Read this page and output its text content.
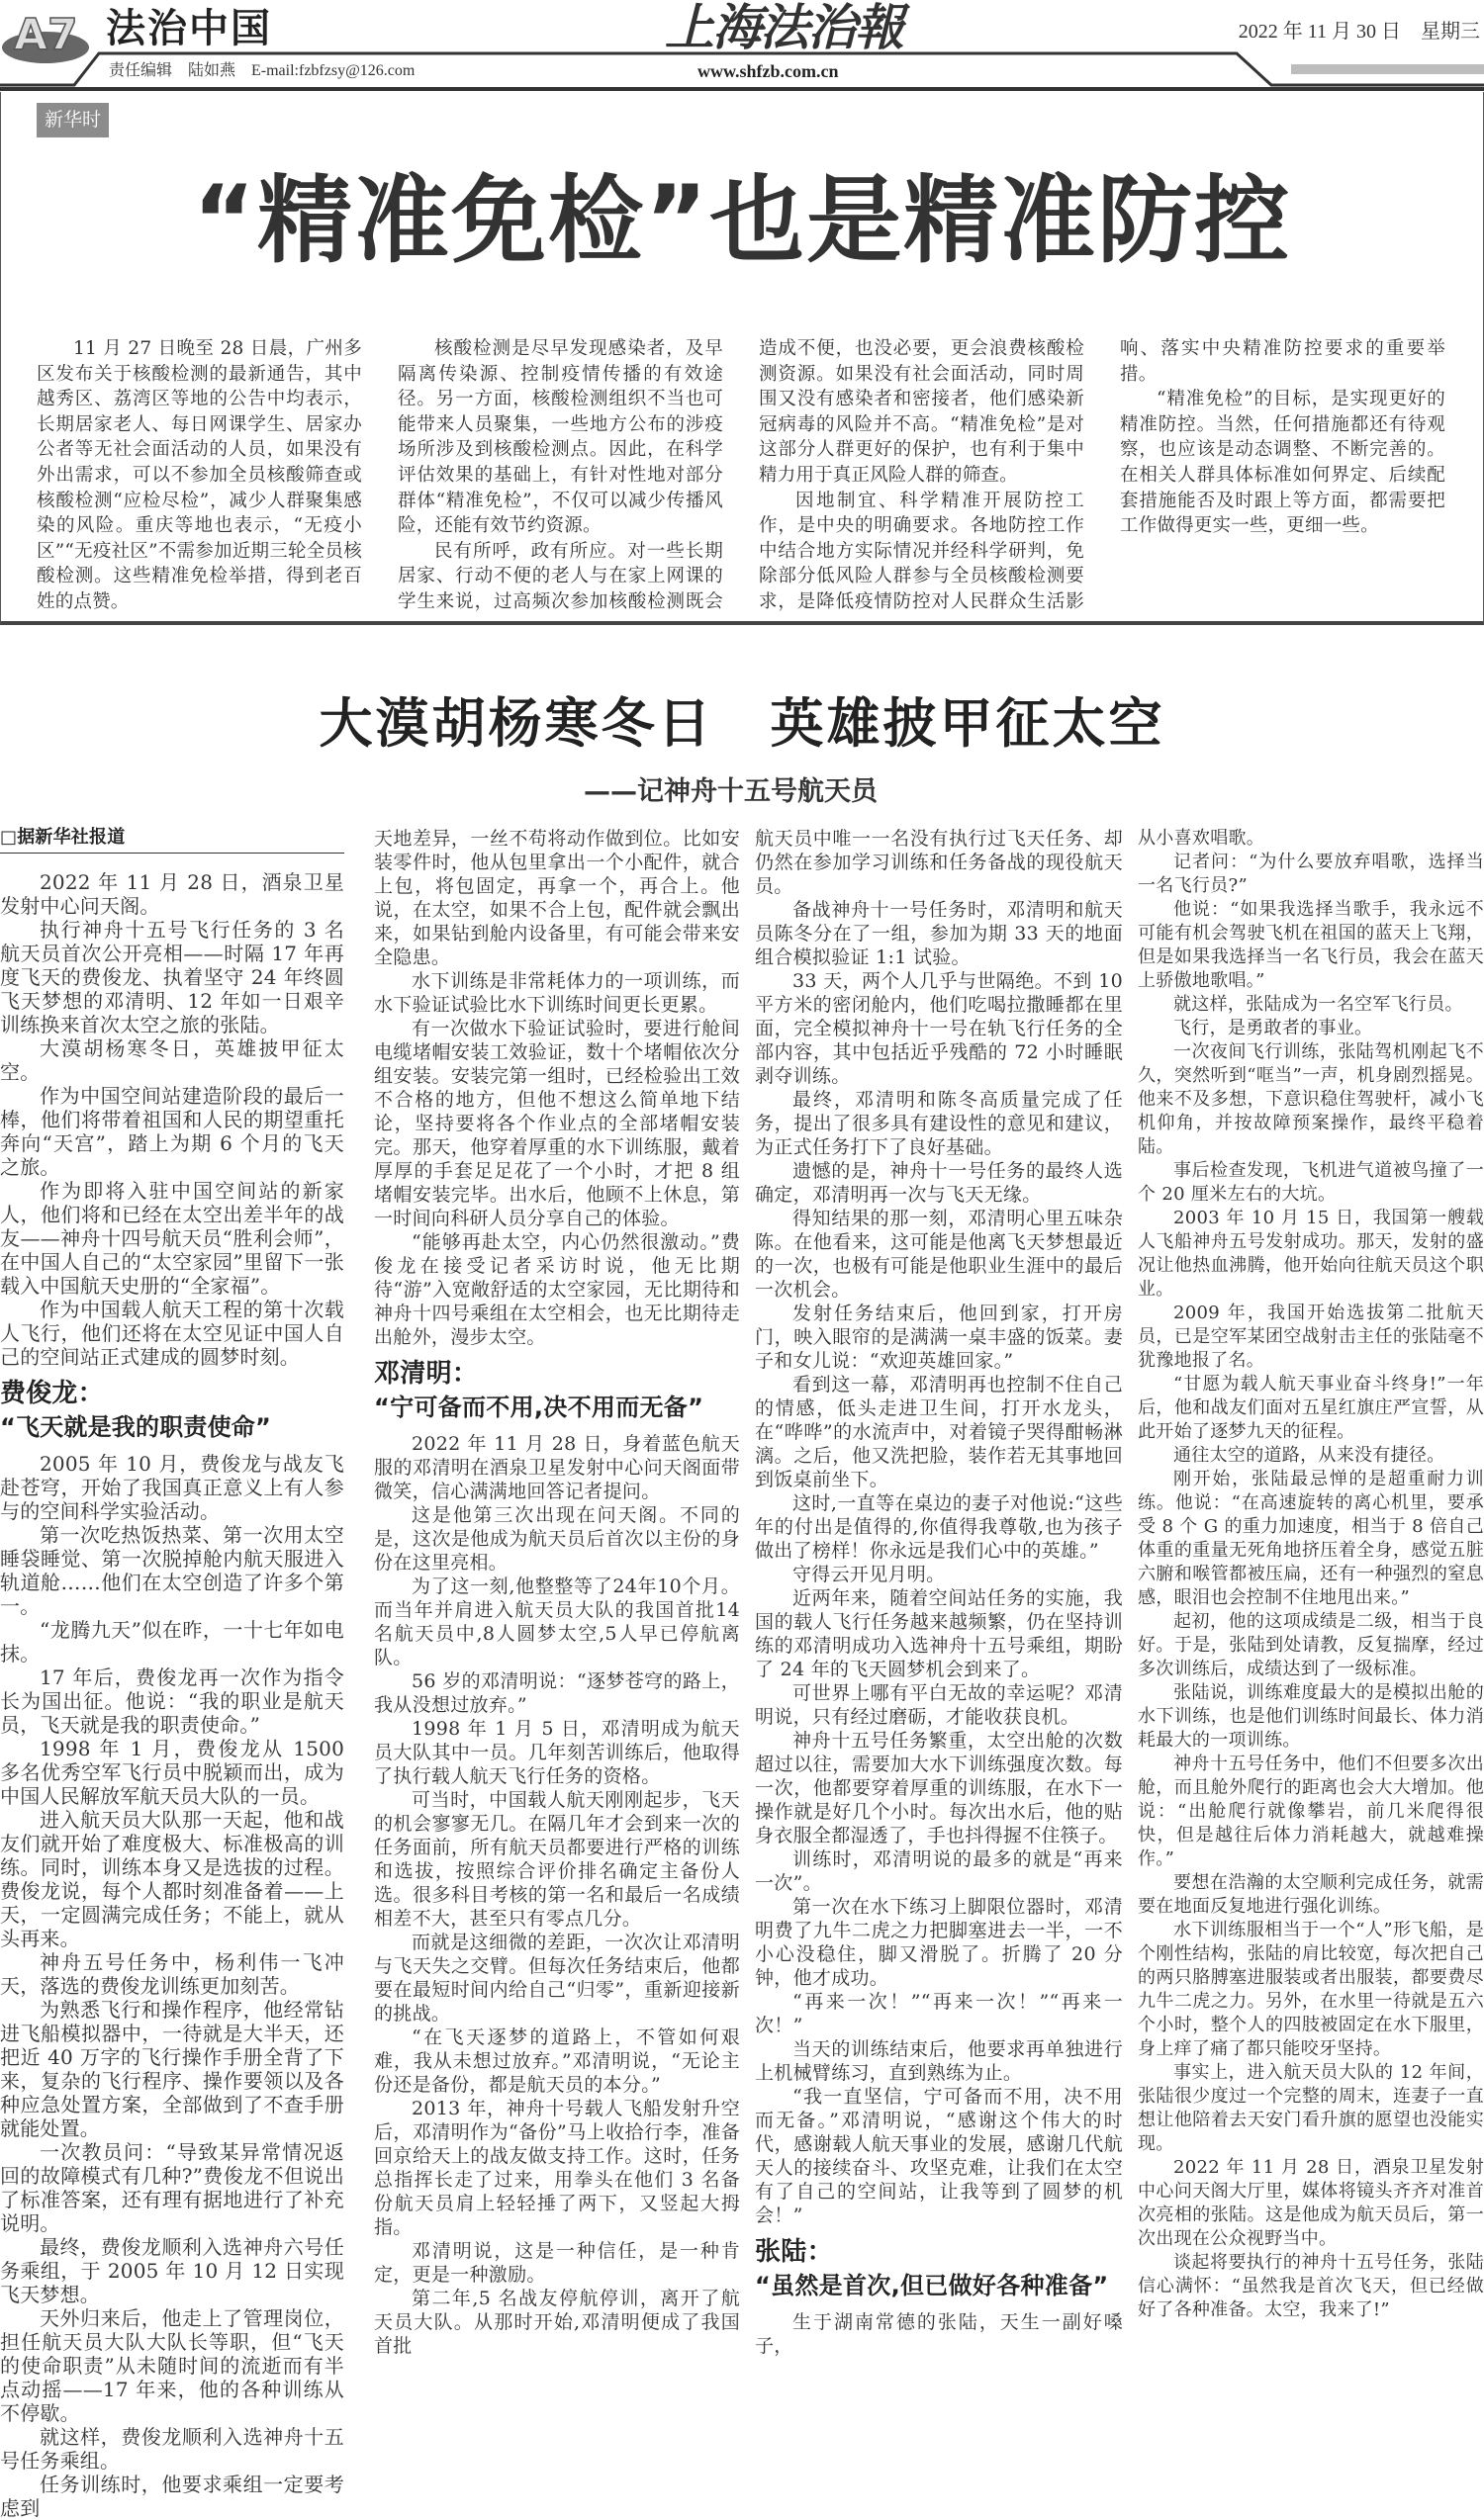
A7 法治中国	上海法治報	2022 年 11 月 30 日　星期三
责任编辑　陆如燕　E-mail:fzbfzsy@126.com	www.shfzb.com.cn
新华时评
“精准免检”也是精准防控

11 月 27 日晚至 28 日晨，广州多区发布关于核酸检测的最新通告，其中越秀区、荔湾区等地的公告中均表示，长期居家老人、每日网课学生、居家办公者等无社会面活动的人员，如果没有外出需求，可以不参加全员核酸筛查或核酸检测“应检尽检”，减少人群聚集感染的风险。重庆等地也表示，“无疫小区”“无疫社区”不需参加近期三轮全员核酸检测。这些精准免检举措，得到老百姓的点赞。

核酸检测是尽早发现感染者，及早隔离传染源、控制疫情传播的有效途径。另一方面，核酸检测组织不当也可能带来人员聚集，一些地方公布的涉疫场所涉及到核酸检测点。因此，在科学评估效果的基础上，有针对性地对部分群体“精准免检”，不仅可以减少传播风险，还能有效节约资源。

民有所呼，政有所应。对一些长期居家、行动不便的老人与在家上网课的学生来说，过高频次参加核酸检测既会造成不便，也没必要，更会浪费核酸检测资源。如果没有社会面活动，同时周围又没有感染者和密接者，他们感染新冠病毒的风险并不高。“精准免检”是对这部分人群更好的保护，也有利于集中精力用于真正风险人群的筛查。

因地制宜、科学精准开展防控工作，是中央的明确要求。各地防控工作中结合地方实际情况并经科学研判，免除部分低风险人群参与全员核酸检测要求，是降低疫情防控对人民群众生活影响、落实中央精准防控要求的重要举措。

“精准免检”的目标，是实现更好的精准防控。当然，任何措施都还有待观察，也应该是动态调整、不断完善的。在相关人群具体标准如何界定、后续配套措施能否及时跟上等方面，都需要把工作做得更实一些，更细一些。

大漠胡杨寒冬日　英雄披甲征太空
——记神舟十五号航天员
□据新华社报道

2022 年 11 月 28 日，酒泉卫星发射中心问天阁。

执行神舟十五号飞行任务的 3 名航天员首次公开亮相——时隔 17 年再度飞天的费俊龙、执着坚守 24 年终圆飞天梦想的邓清明、12 年如一日艰辛训练换来首次太空之旅的张陆。

大漠胡杨寒冬日，英雄披甲征太空。

作为中国空间站建造阶段的最后一棒，他们将带着祖国和人民的期望重托奔向“天宫”，踏上为期 6 个月的飞天之旅。

作为即将入驻中国空间站的新家人，他们将和已经在太空出差半年的战友——神舟十四号航天员“胜利会师”，在中国人自己的“太空家园”里留下一张载入中国航天史册的“全家福”。

作为中国载人航天工程的第十次载人飞行，他们还将在太空见证中国人自己的空间站正式建成的圆梦时刻。

费俊龙：
“飞天就是我的职责使命”

2005 年 10 月，费俊龙与战友飞赴苍穹，开始了我国真正意义上有人参与的空间科学实验活动。

第一次吃热饭热菜、第一次用太空睡袋睡觉、第一次脱掉舱内航天服进入轨道舱……他们在太空创造了许多个第一。

“龙腾九天”似在昨，一十七年如电抹。

17 年后，费俊龙再一次作为指令长为国出征。他说：“我的职业是航天员，飞天就是我的职责使命。”

1998 年 1 月，费俊龙从 1500 多名优秀空军飞行员中脱颖而出，成为中国人民解放军航天员大队的一员。

进入航天员大队那一天起，他和战友们就开始了难度极大、标准极高的训练。同时，训练本身又是选拔的过程。费俊龙说，每个人都时刻准备着——上天，一定圆满完成任务；不能上，就从头再来。

神舟五号任务中，杨利伟一飞冲天，落选的费俊龙训练更加刻苦。

为熟悉飞行和操作程序，他经常钻进飞船模拟器中，一待就是大半天，还把近 40 万字的飞行操作手册全背了下来，复杂的飞行程序、操作要领以及各种应急处置方案，全部做到了不查手册就能处置。

一次教员问：“导致某异常情况返回的故障模式有几种?”费俊龙不但说出了标准答案，还有理有据地进行了补充说明。

最终，费俊龙顺利入选神舟六号任务乘组，于 2005 年 10 月 12 日实现飞天梦想。

天外归来后，他走上了管理岗位，担任航天员大队大队长等职，但“飞天的使命职责”从未随时间的流逝而有半点动摇——17 年来，他的各种训练从不停歇。

就这样，费俊龙顺利入选神舟十五号任务乘组。

任务训练时，他要求乘组一定要考虑到

天地差异，一丝不苟将动作做到位。比如安装零件时，他从包里拿出一个小配件，就合上包，将包固定，再拿一个，再合上。他说，在太空，如果不合上包，配件就会飘出来，如果钻到舱内设备里，有可能会带来安全隐患。

水下训练是非常耗体力的一项训练，而水下验证试验比水下训练时间更长更累。

有一次做水下验证试验时，要进行舱间电缆堵帽安装工效验证，数十个堵帽依次分组安装。安装完第一组时，已经检验出工效不合格的地方，但他不想这么简单地下结论，坚持要将各个作业点的全部堵帽安装完。那天，他穿着厚重的水下训练服，戴着厚厚的手套足足花了一个小时，才把 8 组堵帽安装完毕。出水后，他顾不上休息，第一时间向科研人员分享自己的体验。

“能够再赴太空，内心仍然很激动。”费俊龙在接受记者采访时说，他无比期待“游”入宽敞舒适的太空家园，无比期待和神舟十四号乘组在太空相会，也无比期待走出舱外，漫步太空。

邓清明：
“宁可备而不用,决不用而无备”

2022 年 11 月 28 日，身着蓝色航天服的邓清明在酒泉卫星发射中心问天阁面带微笑，信心满满地回答记者提问。

这是他第三次出现在问天阁。不同的是，这次是他成为航天员后首次以主份的身份在这里亮相。

为了这一刻,他整整等了24年10个月。而当年并肩进入航天员大队的我国首批14名航天员中,8人圆梦太空,5人早已停航离队。

56 岁的邓清明说：“逐梦苍穹的路上，我从没想过放弃。”

1998 年 1 月 5 日，邓清明成为航天员大队其中一员。几年刻苦训练后，他取得了执行载人航天飞行任务的资格。

可当时，中国载人航天刚刚起步，飞天的机会寥寥无几。在隔几年才会到来一次的任务面前，所有航天员都要进行严格的训练和选拔，按照综合评价排名确定主备份人选。很多科目考核的第一名和最后一名成绩相差不大，甚至只有零点几分。

而就是这细微的差距，一次次让邓清明与飞天失之交臂。但每次任务结束后，他都要在最短时间内给自己“归零”，重新迎接新的挑战。

“在飞天逐梦的道路上，不管如何艰难，我从未想过放弃。”邓清明说，“无论主份还是备份，都是航天员的本分。”

2013 年，神舟十号载人飞船发射升空后，邓清明作为“备份”马上收拾行李，准备回京给天上的战友做支持工作。这时，任务总指挥长走了过来，用拳头在他们 3 名备份航天员肩上轻轻捶了两下，又竖起大拇指。

邓清明说，这是一种信任，是一种肯定，更是一种激励。

第二年,5 名战友停航停训，离开了航天员大队。从那时开始,邓清明便成了我国首批

航天员中唯一一名没有执行过飞天任务、却仍然在参加学习训练和任务备战的现役航天员。

备战神舟十一号任务时，邓清明和航天员陈冬分在了一组，参加为期 33 天的地面组合模拟验证 1:1 试验。

33 天，两个人几乎与世隔绝。不到 10 平方米的密闭舱内，他们吃喝拉撒睡都在里面，完全模拟神舟十一号在轨飞行任务的全部内容，其中包括近乎残酷的 72 小时睡眠剥夺训练。

最终，邓清明和陈冬高质量完成了任务，提出了很多具有建设性的意见和建议，为正式任务打下了良好基础。

遗憾的是，神舟十一号任务的最终人选确定，邓清明再一次与飞天无缘。

得知结果的那一刻，邓清明心里五味杂陈。在他看来，这可能是他离飞天梦想最近的一次，也极有可能是他职业生涯中的最后一次机会。

发射任务结束后，他回到家，打开房门，映入眼帘的是满满一桌丰盛的饭菜。妻子和女儿说：“欢迎英雄回家。”

看到这一幕，邓清明再也控制不住自己的情感，低头走进卫生间，打开水龙头，在“哗哗”的水流声中，对着镜子哭得酣畅淋漓。之后，他又洗把脸，装作若无其事地回到饭桌前坐下。

这时,一直等在桌边的妻子对他说:“这些年的付出是值得的,你值得我尊敬,也为孩子做出了榜样！你永远是我们心中的英雄。”

守得云开见月明。

近两年来，随着空间站任务的实施，我国的载人飞行任务越来越频繁，仍在坚持训练的邓清明成功入选神舟十五号乘组，期盼了 24 年的飞天圆梦机会到来了。

可世界上哪有平白无故的幸运呢？邓清明说，只有经过磨砺，才能收获良机。

神舟十五号任务繁重，太空出舱的次数超过以往，需要加大水下训练强度次数。每一次，他都要穿着厚重的训练服，在水下一操作就是好几个小时。每次出水后，他的贴身衣服全都湿透了，手也抖得握不住筷子。

训练时，邓清明说的最多的就是“再来一次”。

第一次在水下练习上脚限位器时，邓清明费了九牛二虎之力把脚塞进去一半，一不小心没稳住，脚又滑脱了。折腾了 20 分钟，他才成功。

“再来一次！”“再来一次！”“再来一次！”

当天的训练结束后，他要求再单独进行上机械臂练习，直到熟练为止。

“我一直坚信，宁可备而不用，决不用而无备。”邓清明说，“感谢这个伟大的时代，感谢载人航天事业的发展，感谢几代航天人的接续奋斗、攻坚克难，让我们在太空有了自己的空间站，让我等到了圆梦的机会！”

张陆：
“虽然是首次,但已做好各种准备”

生于湖南常德的张陆，天生一副好嗓子，

从小喜欢唱歌。

记者问：“为什么要放弃唱歌，选择当一名飞行员?”

他说：“如果我选择当歌手，我永远不可能有机会驾驶飞机在祖国的蓝天上飞翔，但是如果我选择当一名飞行员，我会在蓝天上骄傲地歌唱。”

就这样，张陆成为一名空军飞行员。

飞行，是勇敢者的事业。

一次夜间飞行训练，张陆驾机刚起飞不久，突然听到“哐当”一声，机身剧烈摇晃。他来不及多想，下意识稳住驾驶杆，减小飞机仰角，并按故障预案操作，最终平稳着陆。

事后检查发现，飞机进气道被鸟撞了一个 20 厘米左右的大坑。

2003 年 10 月 15 日，我国第一艘载人飞船神舟五号发射成功。那天，发射的盛况让他热血沸腾，他开始向往航天员这个职业。

2009 年，我国开始选拔第二批航天员，已是空军某团空战射击主任的张陆毫不犹豫地报了名。

“甘愿为载人航天事业奋斗终身!”一年后，他和战友们面对五星红旗庄严宣誓，从此开始了逐梦九天的征程。

通往太空的道路，从来没有捷径。

刚开始，张陆最忌惮的是超重耐力训练。他说：“在高速旋转的离心机里，要承受 8 个 G 的重力加速度，相当于 8 倍自己体重的重量无死角地挤压着全身，感觉五脏六腑和喉管都被压扁，还有一种强烈的窒息感，眼泪也会控制不住地甩出来。”

起初，他的这项成绩是二级，相当于良好。于是，张陆到处请教，反复揣摩，经过多次训练后，成绩达到了一级标准。

张陆说，训练难度最大的是模拟出舱的水下训练，也是他们训练时间最长、体力消耗最大的一项训练。

神舟十五号任务中，他们不但要多次出舱，而且舱外爬行的距离也会大大增加。他说：“出舱爬行就像攀岩，前几米爬得很快，但是越往后体力消耗越大，就越难操作。”

要想在浩瀚的太空顺利完成任务，就需要在地面反复地进行强化训练。

水下训练服相当于一个“人”形飞船，是个刚性结构，张陆的肩比较宽，每次把自己的两只胳膊塞进服装或者出服装，都要费尽九牛二虎之力。另外，在水里一待就是五六个小时，整个人的四肢被固定在水下服里，身上痒了痛了都只能咬牙坚持。

事实上，进入航天员大队的 12 年间，张陆很少度过一个完整的周末，连妻子一直想让他陪着去天安门看升旗的愿望也没能实现。

2022 年 11 月 28 日，酒泉卫星发射中心问天阁大厅里，媒体将镜头齐齐对准首次亮相的张陆。这是他成为航天员后，第一次出现在公众视野当中。

谈起将要执行的神舟十五号任务，张陆信心满怀：“虽然我是首次飞天，但已经做好了各种准备。太空，我来了!”
